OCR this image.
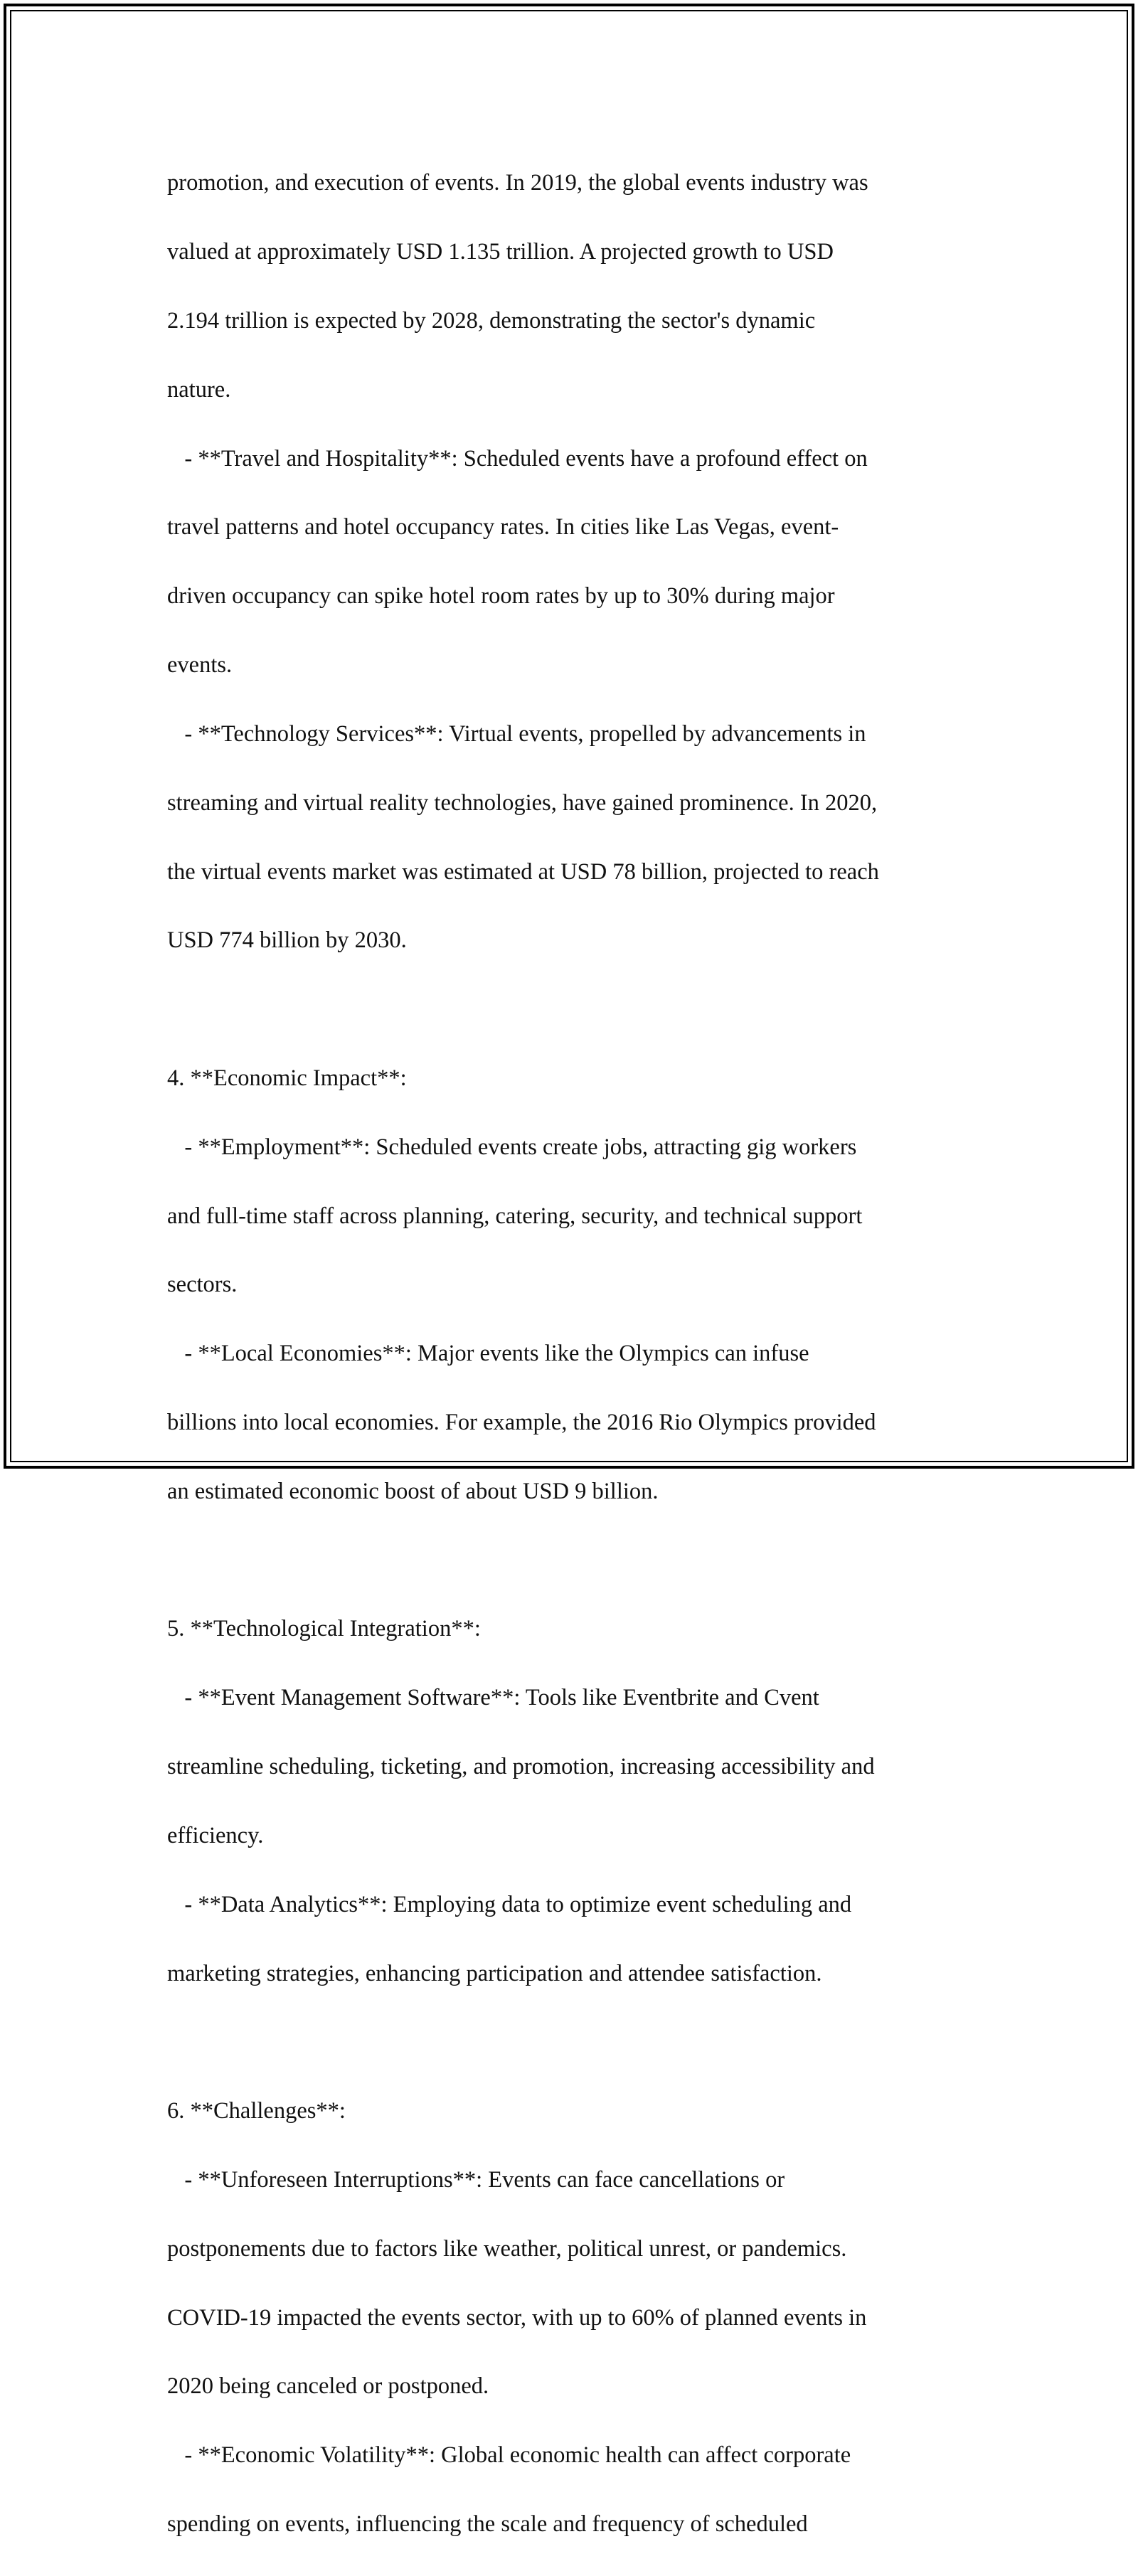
promotion, and execution of events. In 2019, the global events industry was

valued at approximately USD 1.135 trillion. A projected growth to USD

2.194 trillion is expected by 2028, demonstrating the sector's dynamic

nature.

- **Travel and Hospitality**: Scheduled events have a profound effect on

travel patterns and hotel occupancy rates. In cities like Las Vegas, event-

driven occupancy can spike hotel room rates by up to 30% during major

events.

- **Technology Services**: Virtual events, propelled by advancements in

streaming and virtual reality technologies, have gained prominence. In 2020,

the virtual events market was estimated at USD 78 billion, projected to reach

USD 774 billion by 2030.

4. **Economic Impact**:

- **Employment**: Scheduled events create jobs, attracting gig workers

and full-time staff across planning, catering, security, and technical support

sectors.

- **Local Economies**: Major events like the Olympics can infuse

billions into local economies. For example, the 2016 Rio Olympics provided

an estimated economic boost of about USD 9 billion.

5. **Technological Integration**:

- **Event Management Software**: Tools like Eventbrite and Cvent

streamline scheduling, ticketing, and promotion, increasing accessibility and

efficiency.

- **Data Analytics**: Employing data to optimize event scheduling and

marketing strategies, enhancing participation and attendee satisfaction.

6. **Challenges**:

- **Unforeseen Interruptions**: Events can face cancellations or

postponements due to factors like weather, political unrest, or pandemics.

COVID-19 impacted the events sector, with up to 60% of planned events in

2020 being canceled or postponed.

- **Economic Volatility**: Global economic health can affect corporate

spending on events, influencing the scale and frequency of scheduled
